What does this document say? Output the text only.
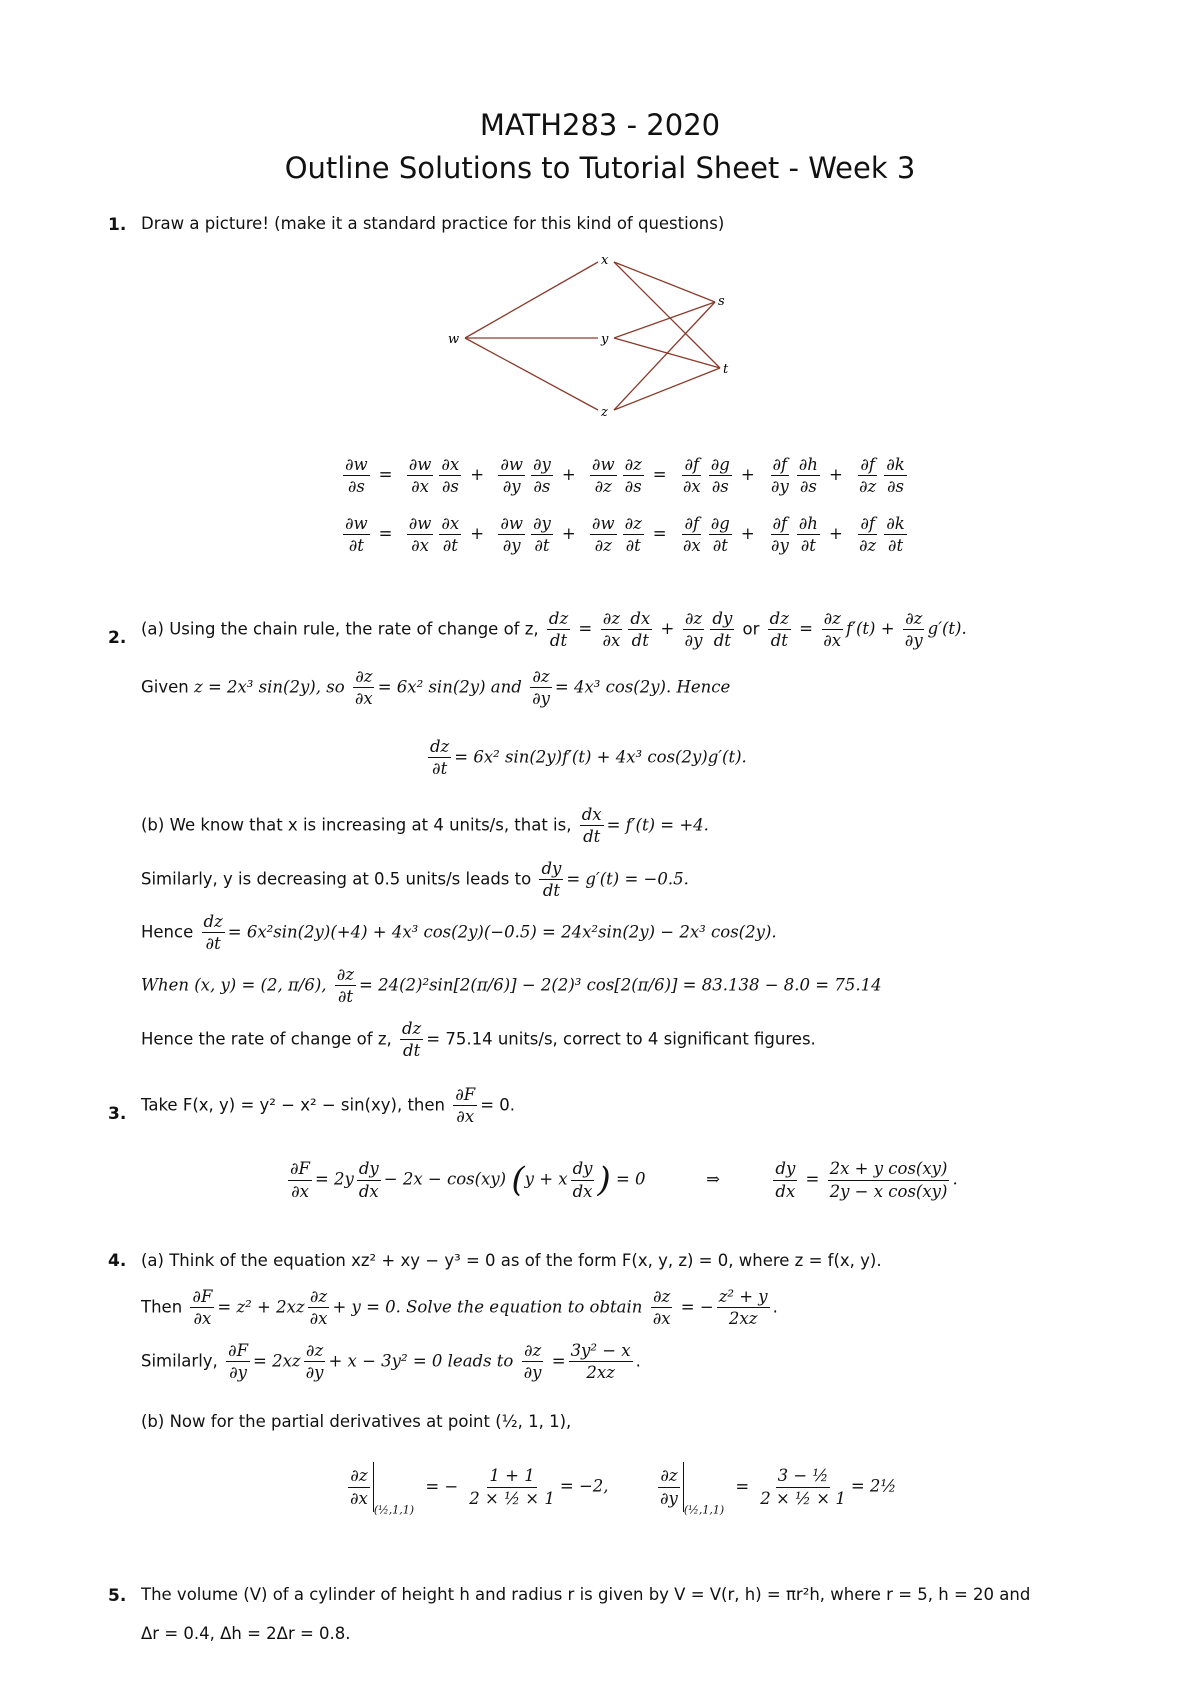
MATH283 - 2020
Outline Solutions to Tutorial Sheet - Week 3
1. Draw a picture! (make it a standard practice for this kind of questions)
w
x
y
z
s
t
$\frac{\partial w}{\partial s} = \frac{\partial w}{\partial x} \frac{\partial x}{\partial s} + \frac{\partial w}{\partial y} \frac{\partial y}{\partial s} + \frac{\partial w}{\partial z} \frac{\partial z}{\partial s} = \frac{\partial f}{\partial x} \frac{\partial g}{\partial s} + \frac{\partial f}{\partial y} \frac{\partial h}{\partial s} + \frac{\partial f}{\partial z} \frac{\partial k}{\partial s}$
$\frac{\partial w}{\partial t} = \frac{\partial w}{\partial x} \frac{\partial x}{\partial t} + \frac{\partial w}{\partial y} \frac{\partial y}{\partial t} + \frac{\partial w}{\partial z} \frac{\partial z}{\partial t} = \frac{\partial f}{\partial x} \frac{\partial g}{\partial t} + \frac{\partial f}{\partial y} \frac{\partial h}{\partial t} + \frac{\partial f}{\partial z} \frac{\partial k}{\partial t}$
2. (a) Using the chain rule, the rate of change of z, $\frac{dz}{dt} = \frac{\partial z}{\partial x} \frac{dx}{dt} + \frac{\partial z}{\partial y} \frac{dy}{dt}$ or $\frac{dz}{dt} = \frac{\partial z}{\partial x} f'(t) + \frac{\partial z}{\partial y} g'(t)$.
Given z = 2x³ sin(2y), so $\frac{\partial z}{\partial x} = 6x^2$ sin(2y) and $\frac{\partial z}{\partial y} = 4x^3$ cos(2y). Hence
$\frac{dz}{\partial t} = 6x^2$ sin(2y)f′(t) + 4x³ cos(2y)g′(t).
(b) We know that x is increasing at 4 units/s, that is, $\frac{dx}{dt} = f'(t) = +4$.
Similarly, y is decreasing at 0.5 units/s leads to $\frac{dy}{dt} = g'(t) = -0.5$.
Hence $\frac{dz}{\partial t} = 6x^2\sin(2y)(+4) + 4x^3$ cos(2y)(−0.5) = 24x²sin(2y) − 2x³ cos(2y).
When (x, y) = (2, π/6), $\frac{\partial z}{\partial t} = 24(2)^2\sin[2(\pi/6)] - 2(2)^3$ cos[2(π/6)] = 83.138 − 8.0 = 75.14
Hence the rate of change of z, $\frac{dz}{dt} = 75.14$ units/s, correct to 4 significant figures.
3. Take F(x, y) = y² − x² − sin(xy), then $\frac{\partial F}{\partial x} = 0$.
$\frac{\partial F}{\partial x} = 2y \frac{dy}{dx} - 2x - \cos(xy) (y + x \frac{dy}{dx}$ ) = 0	⇒	$\frac{dy}{dx} = \frac{\text{2x + y cos(xy)}}{\text{2y − x cos(xy)}}$ .
4. (a) Think of the equation xz² + xy − y³ = 0 as of the form F(x, y, z) = 0, where z = f(x, y).
Then $\frac{\partial F}{\partial x} = z^2 + 2xz \frac{\partial z}{\partial x} + y = 0$. Solve the equation to obtain $\frac{\partial z}{\partial x}$ = − $\frac{\text{z² + y}}{2xz}$ .
Similarly, $\frac{\partial F}{\partial y} = 2xz \frac{\partial z}{\partial y} + x - 3y^2 = 0$ leads to $\frac{\partial z}{\partial y} = \frac{\text{3y² − x}}{2xz}$ .
(b) Now for the partial derivatives at point (½, 1, 1),
$\frac{\partial z}{\partial x}$
$_{(\frac{1}{2},1,1)}$ = − $\frac{1 + 1}{\text{2 × ½ × 1}} = -2$,	$\frac{\partial z}{\partial y}$
$_{(\frac{1}{2},1,1)} = \frac{\text{3 − ½}}{\text{2 × ½ × 1}}$ = 2½
5. The volume (V) of a cylinder of height h and radius r is given by V = V(r, h) = πr²h, where r = 5, h = 20 and
Δr = 0.4, Δh = 2Δr = 0.8.
